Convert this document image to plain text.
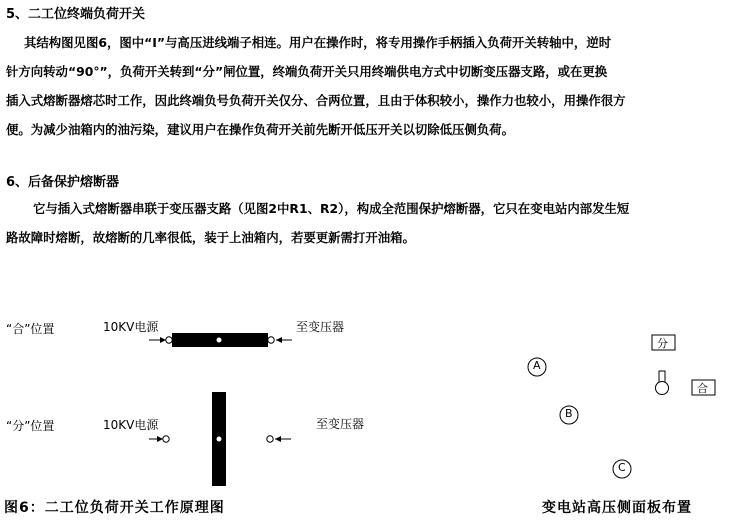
5、二工位终端负荷开关
其结构图见图6，图中“Ⅰ”与高压进线端子相连。用户在操作时，将专用操作手柄插入负荷开关转轴中，逆时
针方向转动“90°”，负荷开关转到“分”闸位置，终端负荷开关只用终端供电方式中切断变压器支路，或在更换
插入式熔断器熔芯时工作，因此终端负号负荷开关仅分、合两位置，且由于体积较小，操作力也较小，用操作很方
便。为减少油箱内的油污染，建议用户在操作负荷开关前先断开低压开关以切除低压侧负荷。
6、后备保护熔断器
它与插入式熔断器串联于变压器支路（见图2中R1、R2），构成全范围保护熔断器，它只在变电站内部发生短
路故障时熔断，故熔断的几率很低，装于上油箱内，若要更新需打开油箱。
“合”位置	10KV电源	至变压器
“分”位置	10KV电源	至变压器
A
B
C
分
合
图6：二工位负荷开关工作原理图	变电站高压侧面板布置
